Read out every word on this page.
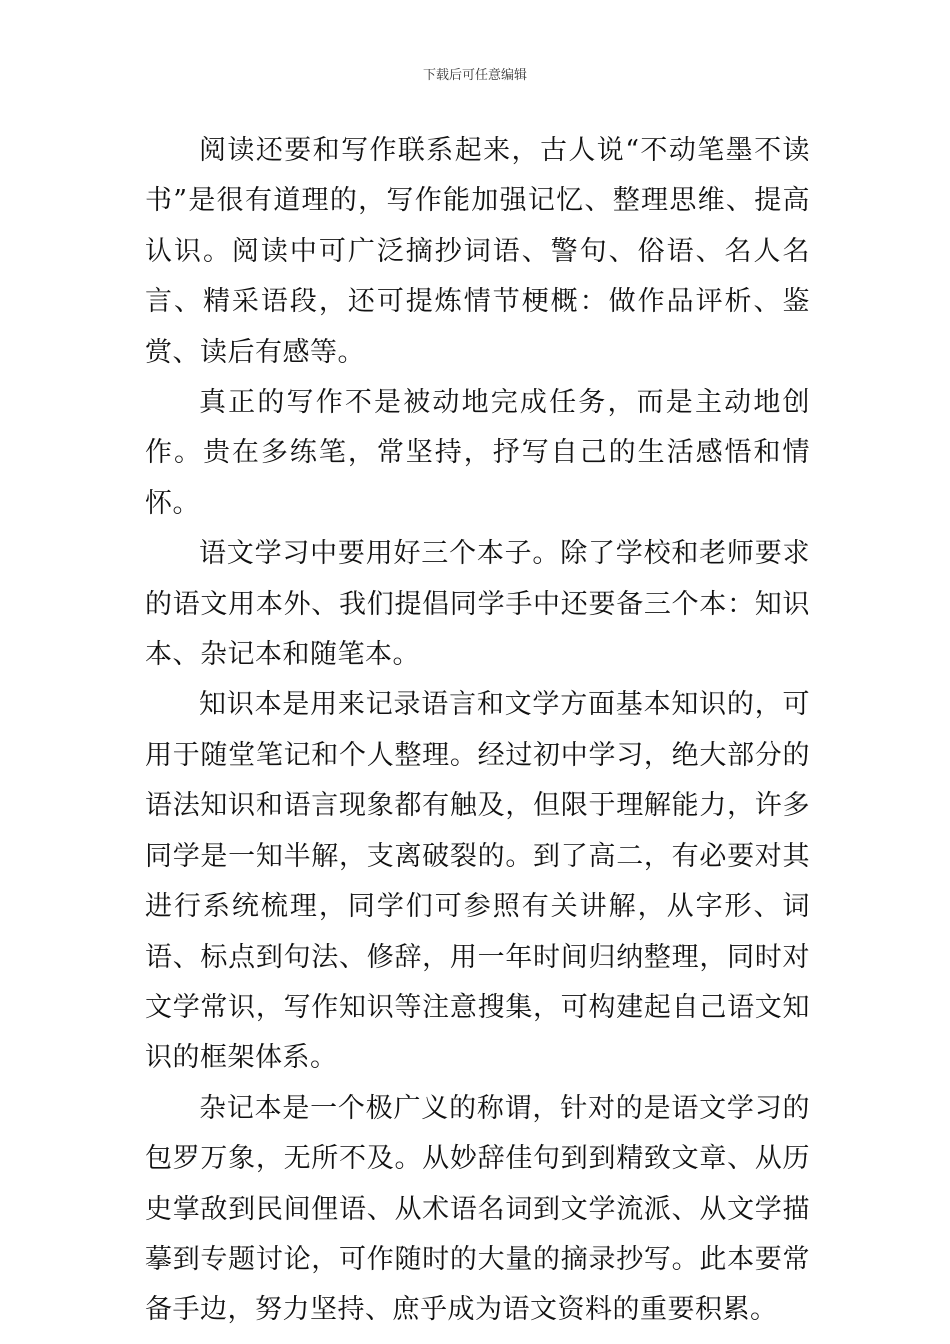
下载后可任意编辑

阅读还要和写作联系起来，古人说“不动笔墨不读书”是很有道理的，写作能加强记忆、整理思维、提高认识。阅读中可广泛摘抄词语、警句、俗语、名人名言、精采语段，还可提炼情节梗概：做作品评析、鉴赏、读后有感等。

真正的写作不是被动地完成任务，而是主动地创作。贵在多练笔，常坚持，抒写自己的生活感悟和情怀。

语文学习中要用好三个本子。除了学校和老师要求的语文用本外、我们提倡同学手中还要备三个本：知识本、杂记本和随笔本。

知识本是用来记录语言和文学方面基本知识的，可用于随堂笔记和个人整理。经过初中学习，绝大部分的语法知识和语言现象都有触及，但限于理解能力，许多同学是一知半解，支离破裂的。到了高二，有必要对其进行系统梳理，同学们可参照有关讲解，从字形、词语、标点到句法、修辞，用一年时间归纳整理，同时对文学常识，写作知识等注意搜集，可构建起自己语文知识的框架体系。

杂记本是一个极广义的称谓，针对的是语文学习的包罗万象，无所不及。从妙辞佳句到到精致文章、从历史掌敌到民间俚语、从术语名词到文学流派、从文学描摹到专题讨论，可作随时的大量的摘录抄写。此本要常备手边，努力坚持、庶乎成为语文资料的重要积累。
